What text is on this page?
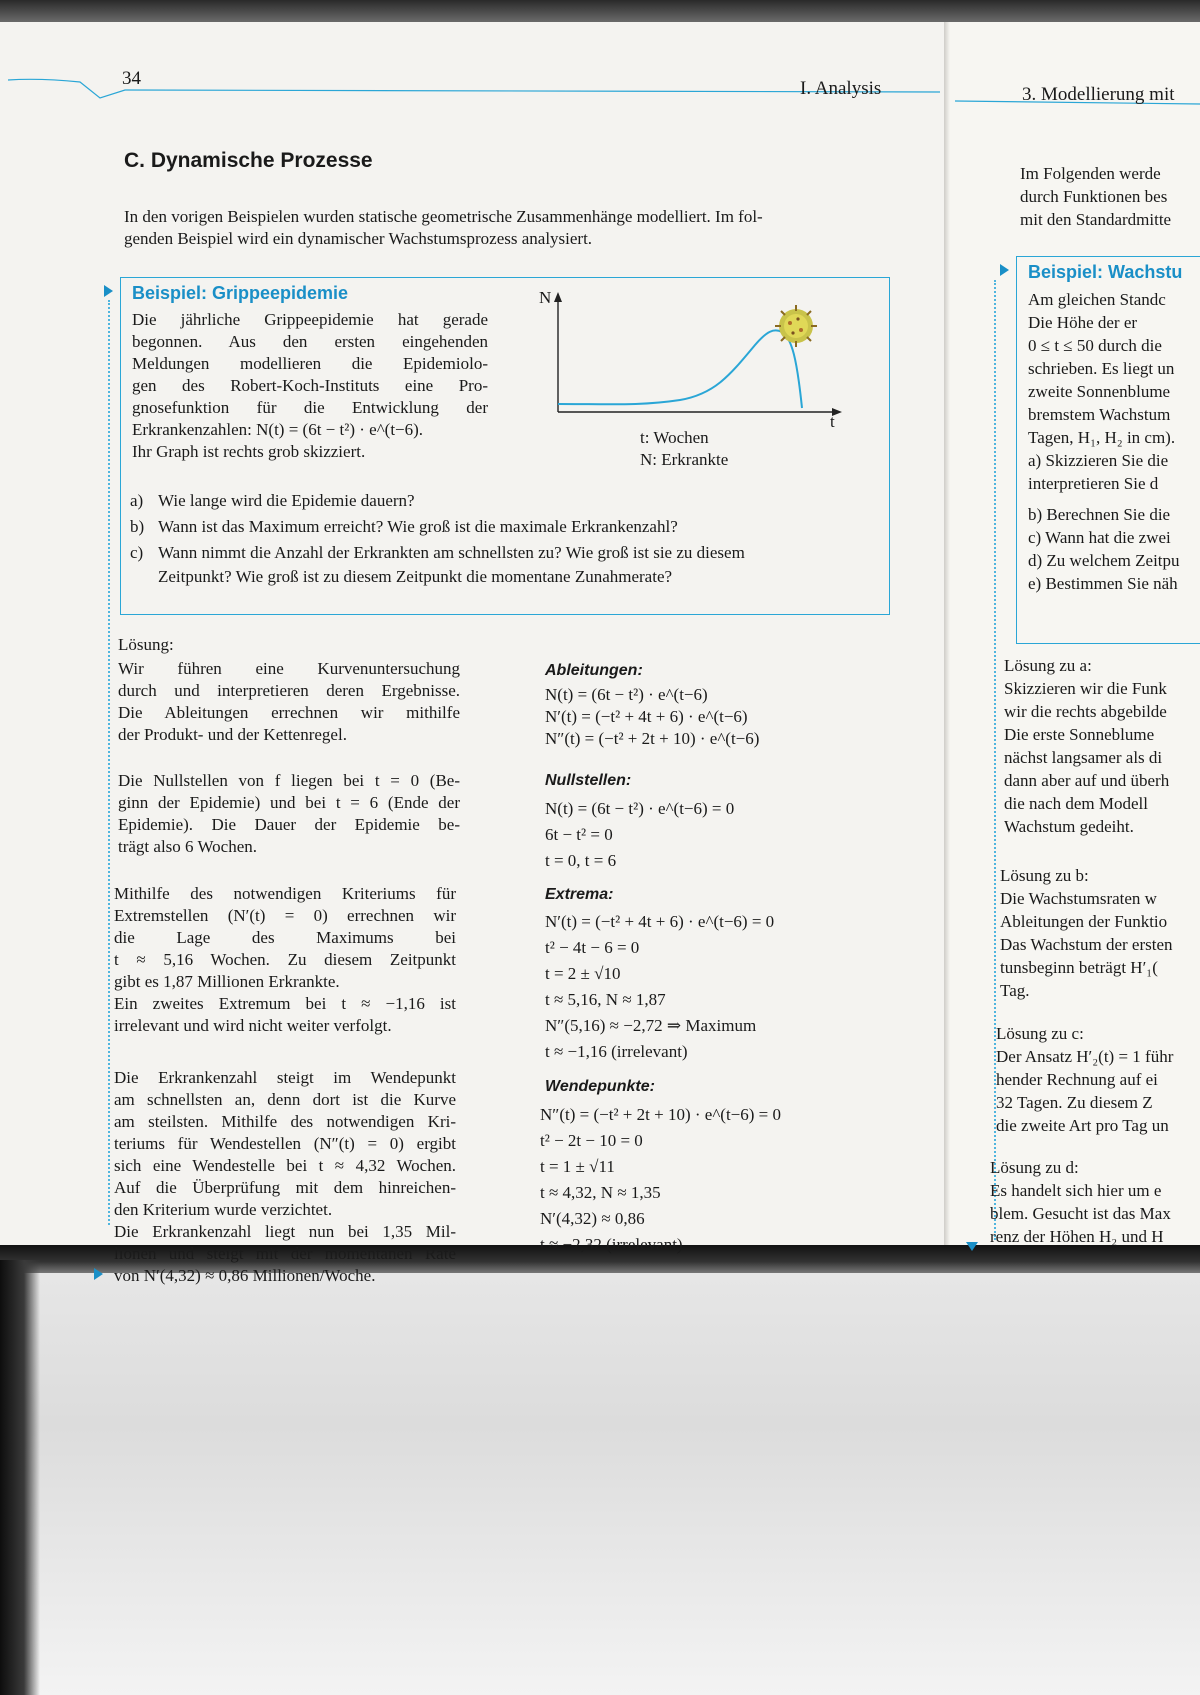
34	I. Analysis	3. Modellierung mit
C. Dynamische Prozesse
In den vorigen Beispielen wurden statische geometrische Zusammenhänge modelliert. Im fol-
genden Beispiel wird ein dynamischer Wachstumsprozess analysiert.
Beispiel: Grippeepidemie
Die jährliche Grippeepidemie hat gerade
begonnen. Aus den ersten eingehenden
Meldungen modellieren die Epidemiolo-
gen des Robert-Koch-Instituts eine Pro-
gnosefunktion für die Entwicklung der
Erkrankenzahlen: N(t) = (6t − t²) · e^(t−6).
Ihr Graph ist rechts grob skizziert.
N
t
t: Wochen
N: Erkrankte
a) Wie lange wird die Epidemie dauern?
b) Wann ist das Maximum erreicht? Wie groß ist die maximale Erkrankenzahl?
c) Wann nimmt die Anzahl der Erkrankten am schnellsten zu? Wie groß ist sie zu diesem
Zeitpunkt? Wie groß ist zu diesem Zeitpunkt die momentane Zunahmerate?
Lösung:
Wir führen eine Kurvenuntersuchung
durch und interpretieren deren Ergebnisse.
Die Ableitungen errechnen wir mithilfe
der Produkt- und der Kettenregel.
Die Nullstellen von f liegen bei t = 0 (Be-
ginn der Epidemie) und bei t = 6 (Ende der
Epidemie). Die Dauer der Epidemie be-
trägt also 6 Wochen.
Mithilfe des notwendigen Kriteriums für
Extremstellen (N′(t) = 0) errechnen wir
die Lage des Maximums bei
t ≈ 5,16 Wochen. Zu diesem Zeitpunkt
gibt es 1,87 Millionen Erkrankte.
Ein zweites Extremum bei t ≈ −1,16 ist
irrelevant und wird nicht weiter verfolgt.
Die Erkrankenzahl steigt im Wendepunkt
am schnellsten an, denn dort ist die Kurve
am steilsten. Mithilfe des notwendigen Kri-
teriums für Wendestellen (N″(t) = 0) ergibt
sich eine Wendestelle bei t ≈ 4,32 Wochen.
Auf die Überprüfung mit dem hinreichen-
den Kriterium wurde verzichtet.
Die Erkrankenzahl liegt nun bei 1,35 Mil-
lionen und steigt mit der momentanen Rate
von N′(4,32) ≈ 0,86 Millionen/Woche.
Ableitungen:
N(t) = (6t − t²) · e^(t−6)
N′(t) = (−t² + 4t + 6) · e^(t−6)
N″(t) = (−t² + 2t + 10) · e^(t−6)
Nullstellen:
N(t) = (6t − t²) · e^(t−6) = 0
6t − t² = 0
t = 0, t = 6
Extrema:
N′(t) = (−t² + 4t + 6) · e^(t−6) = 0
t² − 4t − 6 = 0
t = 2 ± √10
t ≈ 5,16, N ≈ 1,87
N″(5,16) ≈ −2,72 ⇒ Maximum
t ≈ −1,16 (irrelevant)
Wendepunkte:
N″(t) = (−t² + 2t + 10) · e^(t−6) = 0
t² − 2t − 10 = 0
t = 1 ± √11
t ≈ 4,32, N ≈ 1,35
N′(4,32) ≈ 0,86
t ≈ −2,32 (irrelevant)
Im Folgenden werde
durch Funktionen bes
mit den Standardmitte
Beispiel: Wachstu
Am gleichen Standc
Die Höhe der er
0 ≤ t ≤ 50 durch die
schrieben. Es liegt un
zweite Sonnenblume
bremstem Wachstum
Tagen, H₁, H₂ in cm).
a) Skizzieren Sie die
interpretieren Sie d
b) Berechnen Sie die
c) Wann hat die zwei
d) Zu welchem Zeitpu
e) Bestimmen Sie näh
Lösung zu a:
Skizzieren wir die Funk
wir die rechts abgebilde
Die erste Sonneblume
nächst langsamer als di
dann aber auf und überh
die nach dem Modell
Wachstum gedeiht.
Lösung zu b:
Die Wachstumsraten w
Ableitungen der Funktio
Das Wachstum der ersten
tunsbeginn beträgt H′₁(
Tag.
Lösung zu c:
Der Ansatz H′₂(t) = 1 führ
hender Rechnung auf ei
32 Tagen. Zu diesem Z
die zweite Art pro Tag un
Lösung zu d:
Es handelt sich hier um e
blem. Gesucht ist das Max
renz der Höhen H₂ und H
